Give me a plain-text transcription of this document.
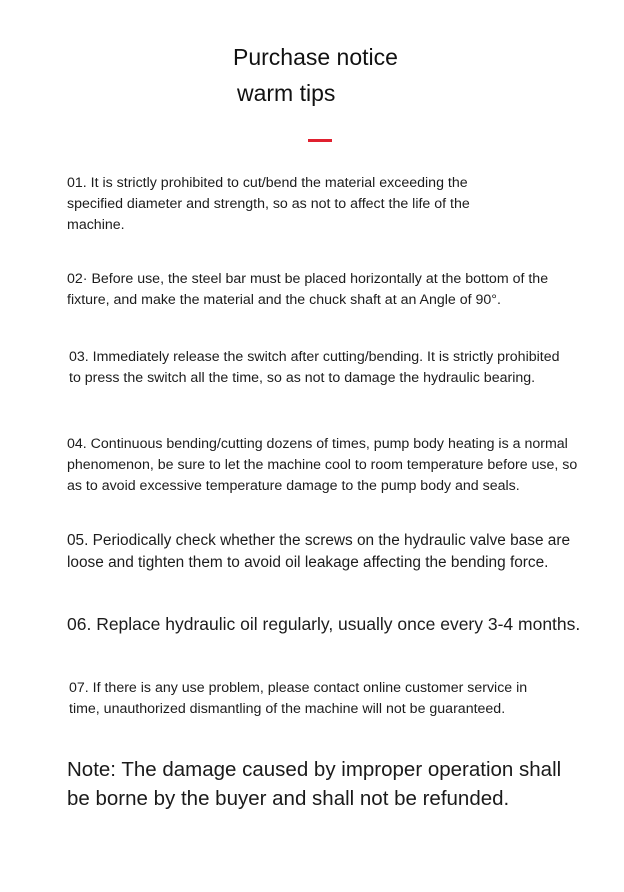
Purchase notice
warm tips
01. It is strictly prohibited to cut/bend the material exceeding the specified diameter and strength, so as not to affect the life of the machine.
02· Before use, the steel bar must be placed horizontally at the bottom of the fixture, and make the material and the chuck shaft at an Angle of 90°.
03. Immediately release the switch after cutting/bending. It is strictly prohibited to press the switch all the time, so as not to damage the hydraulic bearing.
04. Continuous bending/cutting dozens of times, pump body heating is a normal phenomenon, be sure to let the machine cool to room temperature before use, so as to avoid excessive temperature damage to the pump body and seals.
05. Periodically check whether the screws on the hydraulic valve base are loose and tighten them to avoid oil leakage affecting the bending force.
06. Replace hydraulic oil regularly, usually once every 3-4 months.
07. If there is any use problem, please contact online customer service in time, unauthorized dismantling of the machine will not be guaranteed.
Note: The damage caused by improper operation shall be borne by the buyer and shall not be refunded.
